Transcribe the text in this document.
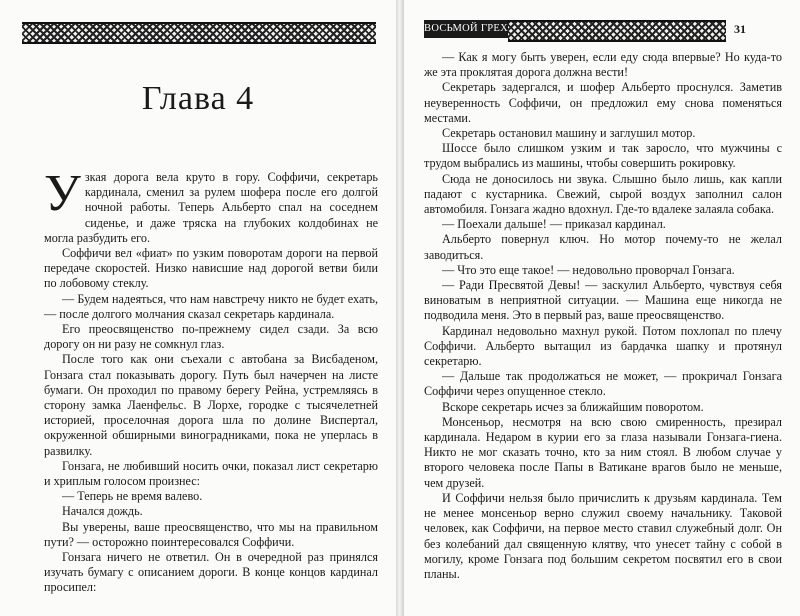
Глава 4

Узкая дорога вела круто в гору. Соффичи, секретарь кардинала, сменил за рулем шофера после его долгой ночной работы. Теперь Альберто спал на соседнем сиденье, и даже тряска на глубоких колдобинах не могла разбудить его.

Соффичи вел «фиат» по узким поворотам дороги на первой передаче скоростей. Низко нависшие над дорогой ветви били по лобовому стеклу.

— Будем надеяться, что нам навстречу никто не будет ехать, — после долгого молчания сказал секретарь кардинала.

Его преосвященство по-прежнему сидел сзади. За всю дорогу он ни разу не сомкнул глаз.

После того как они съехали с автобана за Висбаденом, Гонзага стал показывать дорогу. Путь был начерчен на листе бумаги. Он проходил по правому берегу Рейна, устремляясь в сторону замка Лаенфельс. В Лорхе, городке с тысячелетней историей, проселочная дорога шла по долине Виспертал, окруженной обширными виноградниками, пока не уперлась в развилку.

Гонзага, не любивший носить очки, показал лист секретарю и хриплым голосом произнес:

— Теперь не время валево.

Начался дождь.

Вы уверены, ваше преосвященство, что мы на правильном пути? — осторожно поинтересовался Соффичи.

Гонзага ничего не ответил. Он в очередной раз принялся изучать бумагу с описанием дороги. В конце концов кардинал просипел:

ВОСЬМОЙ ГРЕХ	31

— Как я могу быть уверен, если еду сюда впервые? Но куда-то же эта проклятая дорога должна вести!

Секретарь задергался, и шофер Альберто проснулся. Заметив неуверенность Соффичи, он предложил ему снова поменяться местами.

Секретарь остановил машину и заглушил мотор.

Шоссе было слишком узким и так заросло, что мужчины с трудом выбрались из машины, чтобы совершить рокировку.

Сюда не доносилось ни звука. Слышно было лишь, как капли падают с кустарника. Свежий, сырой воздух заполнил салон автомобиля. Гонзага жадно вдохнул. Где-то вдалеке залаяла собака.

— Поехали дальше! — приказал кардинал.

Альберто повернул ключ. Но мотор почему-то не желал заводиться.

— Что это еще такое! — недовольно проворчал Гонзага.

— Ради Пресвятой Девы! — заскулил Альберто, чувствуя себя виноватым в неприятной ситуации. — Машина еще никогда не подводила меня. Это в первый раз, ваше преосвященство.

Кардинал недовольно махнул рукой. Потом похлопал по плечу Соффичи. Альберто вытащил из бардачка шапку и протянул секретарю.

— Дальше так продолжаться не может, — прокричал Гонзага Соффичи через опущенное стекло.

Вскоре секретарь исчез за ближайшим поворотом.

Монсеньор, несмотря на всю свою смиренность, презирал кардинала. Недаром в курии его за глаза называли Гонзага-гиена. Никто не мог сказать точно, кто за ним стоял. В любом случае у второго человека после Папы в Ватикане врагов было не меньше, чем друзей.

И Соффичи нельзя было причислить к друзьям кардинала. Тем не менее монсеньор верно служил своему начальнику. Таковой человек, как Соффичи, на первое место ставил служебный долг. Он без колебаний дал священную клятву, что унесет тайну с собой в могилу, кроме Гонзага под большим секретом посвятил его в свои планы.
